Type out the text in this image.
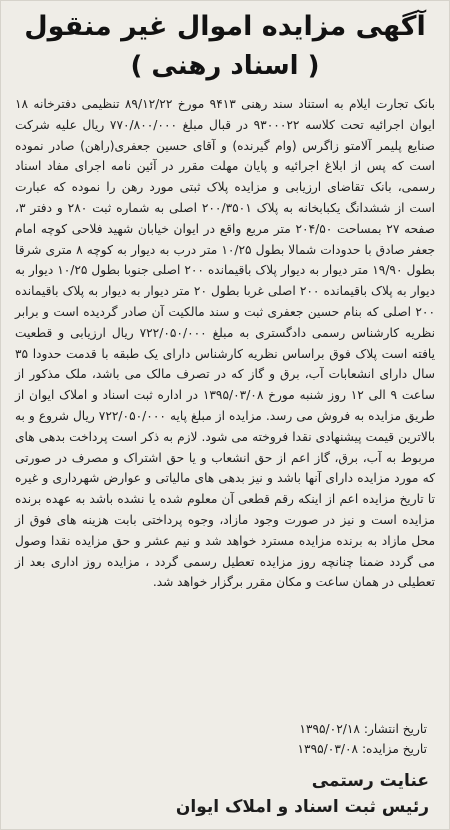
آگهی مزایده اموال غیر منقول
( اسناد رهنی )
بانک تجارت ایلام به استناد سند رهنی ۹۴۱۳ مورخ ۸۹/۱۲/۲۲ تنظیمی دفترخانه ۱۸ ایوان اجرائیه تحت کلاسه ۹۳۰۰۰۲۲ در قبال مبلغ ۷۷۰/۸۰۰/۰۰۰ ریال علیه شرکت صنایع پلیمر آلامتو زاگرس (وام گیرنده) و آقای حسین جعفری(راهن) صادر نموده است که پس از ابلاغ اجرائیه و پایان مهلت مقرر در آئین نامه اجرای مفاد اسناد رسمی، بانک تقاضای ارزیابی و مزایده پلاک ثبتی مورد رهن را نموده که عبارت است از ششدانگ یکبابخانه به پلاک ۲۰۰/۳۵۰۱ اصلی به شماره ثبت ۲۸۰ و دفتر ۳، صفحه ۲۷ بمساحت ۲۰۴/۵۰ متر مربع واقع در ایوان خیابان شهید فلاحی کوچه امام جعفر صادق با حدودات شمالا بطول ۱۰/۲۵ متر درب به دیوار به کوچه ۸ متری شرقا بطول ۱۹/۹۰ متر دیوار به دیوار پلاک باقیمانده ۲۰۰ اصلی جنوبا بطول ۱۰/۲۵ دیوار به دیوار به پلاک باقیمانده ۲۰۰ اصلی غربا بطول ۲۰ متر دیوار به دیوار به پلاک باقیمانده ۲۰۰ اصلی که بنام حسین جعفری ثبت و سند مالکیت آن صادر گردیده است و برابر نظریه کارشناس رسمی دادگستری به مبلغ ۷۲۲/۰۵۰/۰۰۰ ریال ارزیابی و قطعیت یافته است پلاک فوق براساس نظریه کارشناس دارای یک طبقه با قدمت حدودا ۳۵ سال دارای انشعابات آب، برق و گاز که در تصرف مالک می باشد، ملک مذکور از ساعت ۹ الی ۱۲ روز شنبه مورخ ۱۳۹۵/۰۳/۰۸ در اداره ثبت اسناد و املاک ایوان از طریق مزایده به فروش می رسد. مزایده از مبلغ پایه ۷۲۲/۰۵۰/۰۰۰ ریال شروع و به بالاترین قیمت پیشنهادی نقدا فروخته می شود. لازم به ذکر است پرداخت بدهی های مربوط به آب، برق، گاز اعم از حق انشعاب و یا حق اشتراک و مصرف در صورتی که مورد مزایده دارای آنها باشد و نیز بدهی های مالیاتی و عوارض شهرداری و غیره تا تاریخ مزایده اعم از اینکه رقم قطعی آن معلوم شده یا نشده باشد به عهده برنده مزایده است و نیز در صورت وجود مازاد، وجوه پرداختی بابت هزینه های فوق از محل مازاد به برنده مزایده مسترد خواهد شد و نیم عشر و حق مزایده نقدا وصول می گردد ضمنا چنانچه روز مزایده تعطیل رسمی گردد ، مزایده روز اداری بعد از تعطیلی در همان ساعت و مکان مقرر برگزار خواهد شد.
تاریخ انتشار: ۱۳۹۵/۰۲/۱۸
تاریخ مزایده: ۱۳۹۵/۰۳/۰۸
عنایت رستمی
رئیس ثبت اسناد و املاک ایوان
